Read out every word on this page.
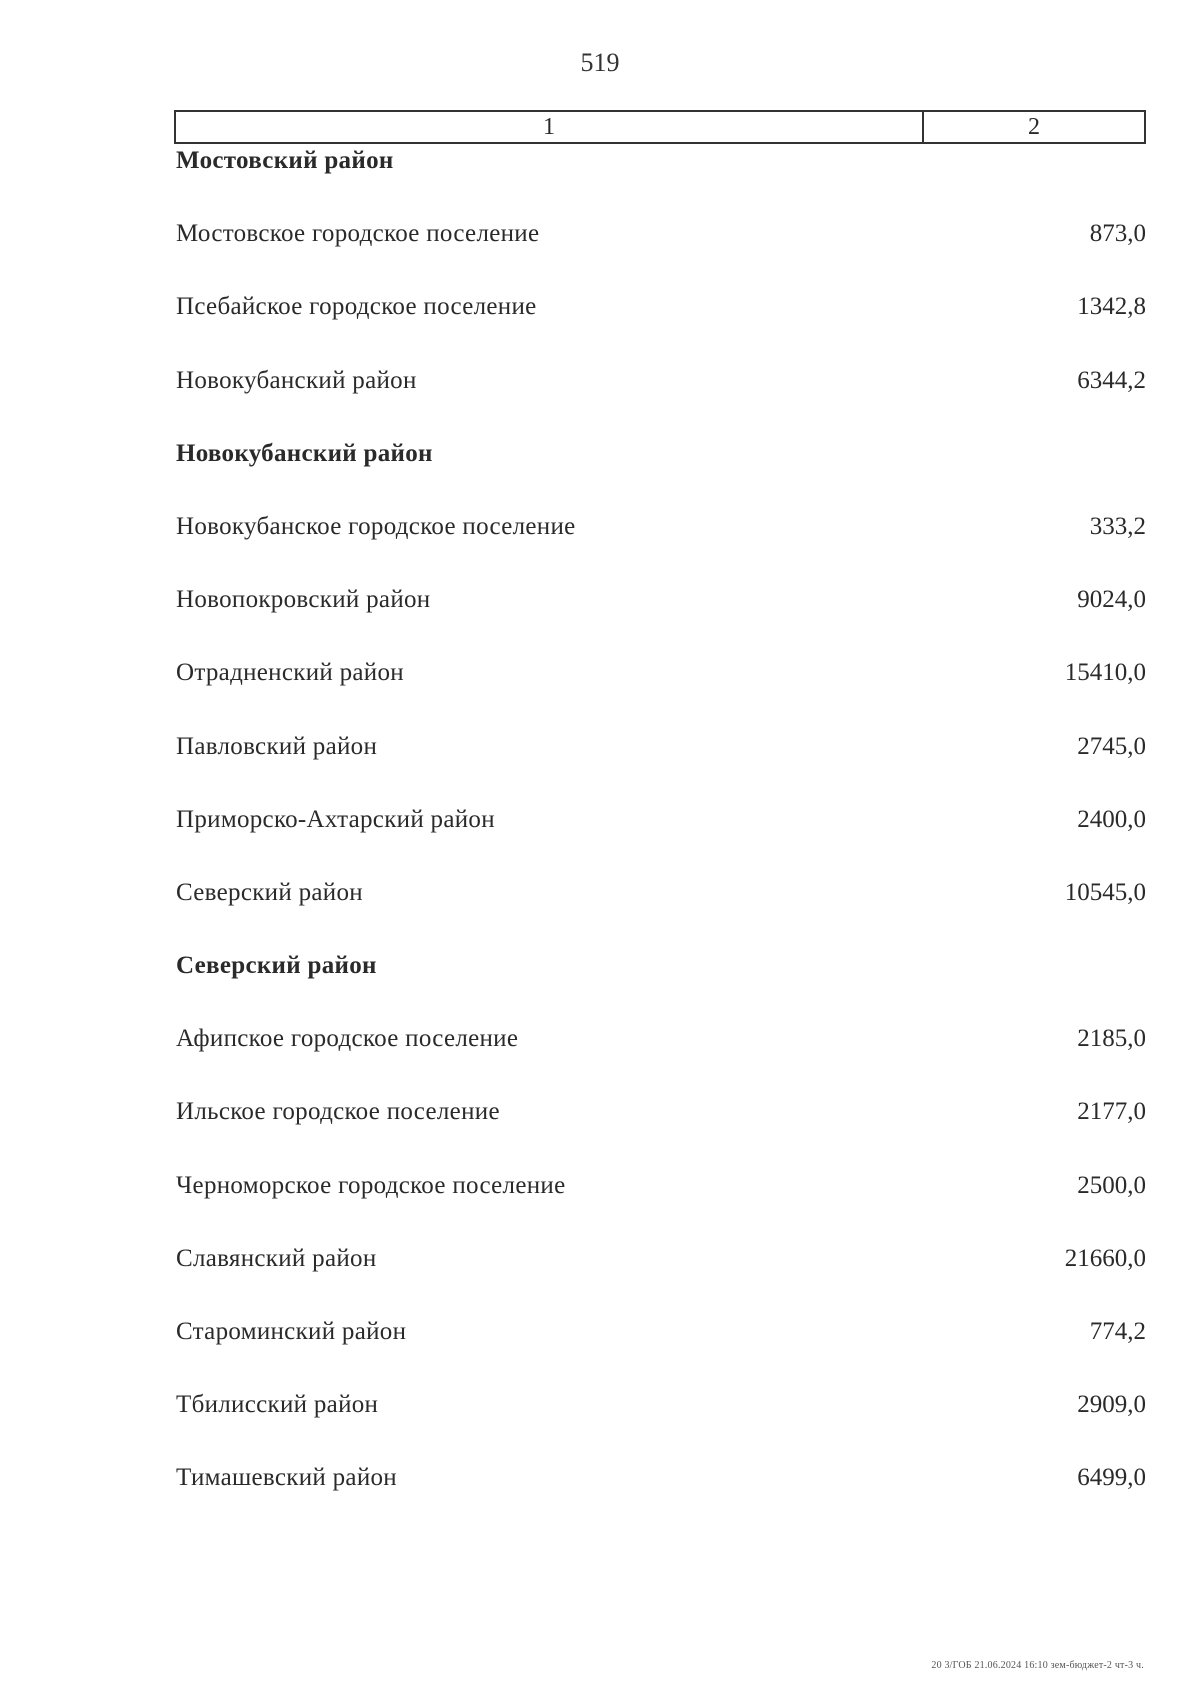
519
1	2
Мостовский район
Мостовское городское поселение	873,0
Псебайское городское поселение	1342,8
Новокубанский район	6344,2
Новокубанский район
Новокубанское городское поселение	333,2
Новопокровский район	9024,0
Отрадненский район	15410,0
Павловский район	2745,0
Приморско-Ахтарский район	2400,0
Северский район	10545,0
Северский район
Афипское городское поселение	2185,0
Ильское городское поселение	2177,0
Черноморское городское поселение	2500,0
Славянский район	21660,0
Староминский район	774,2
Тбилисский район	2909,0
Тимашевский район	6499,0
20 3/ГОБ 21.06.2024 16:10 зем-бюджет-2 чт-3 ч.
